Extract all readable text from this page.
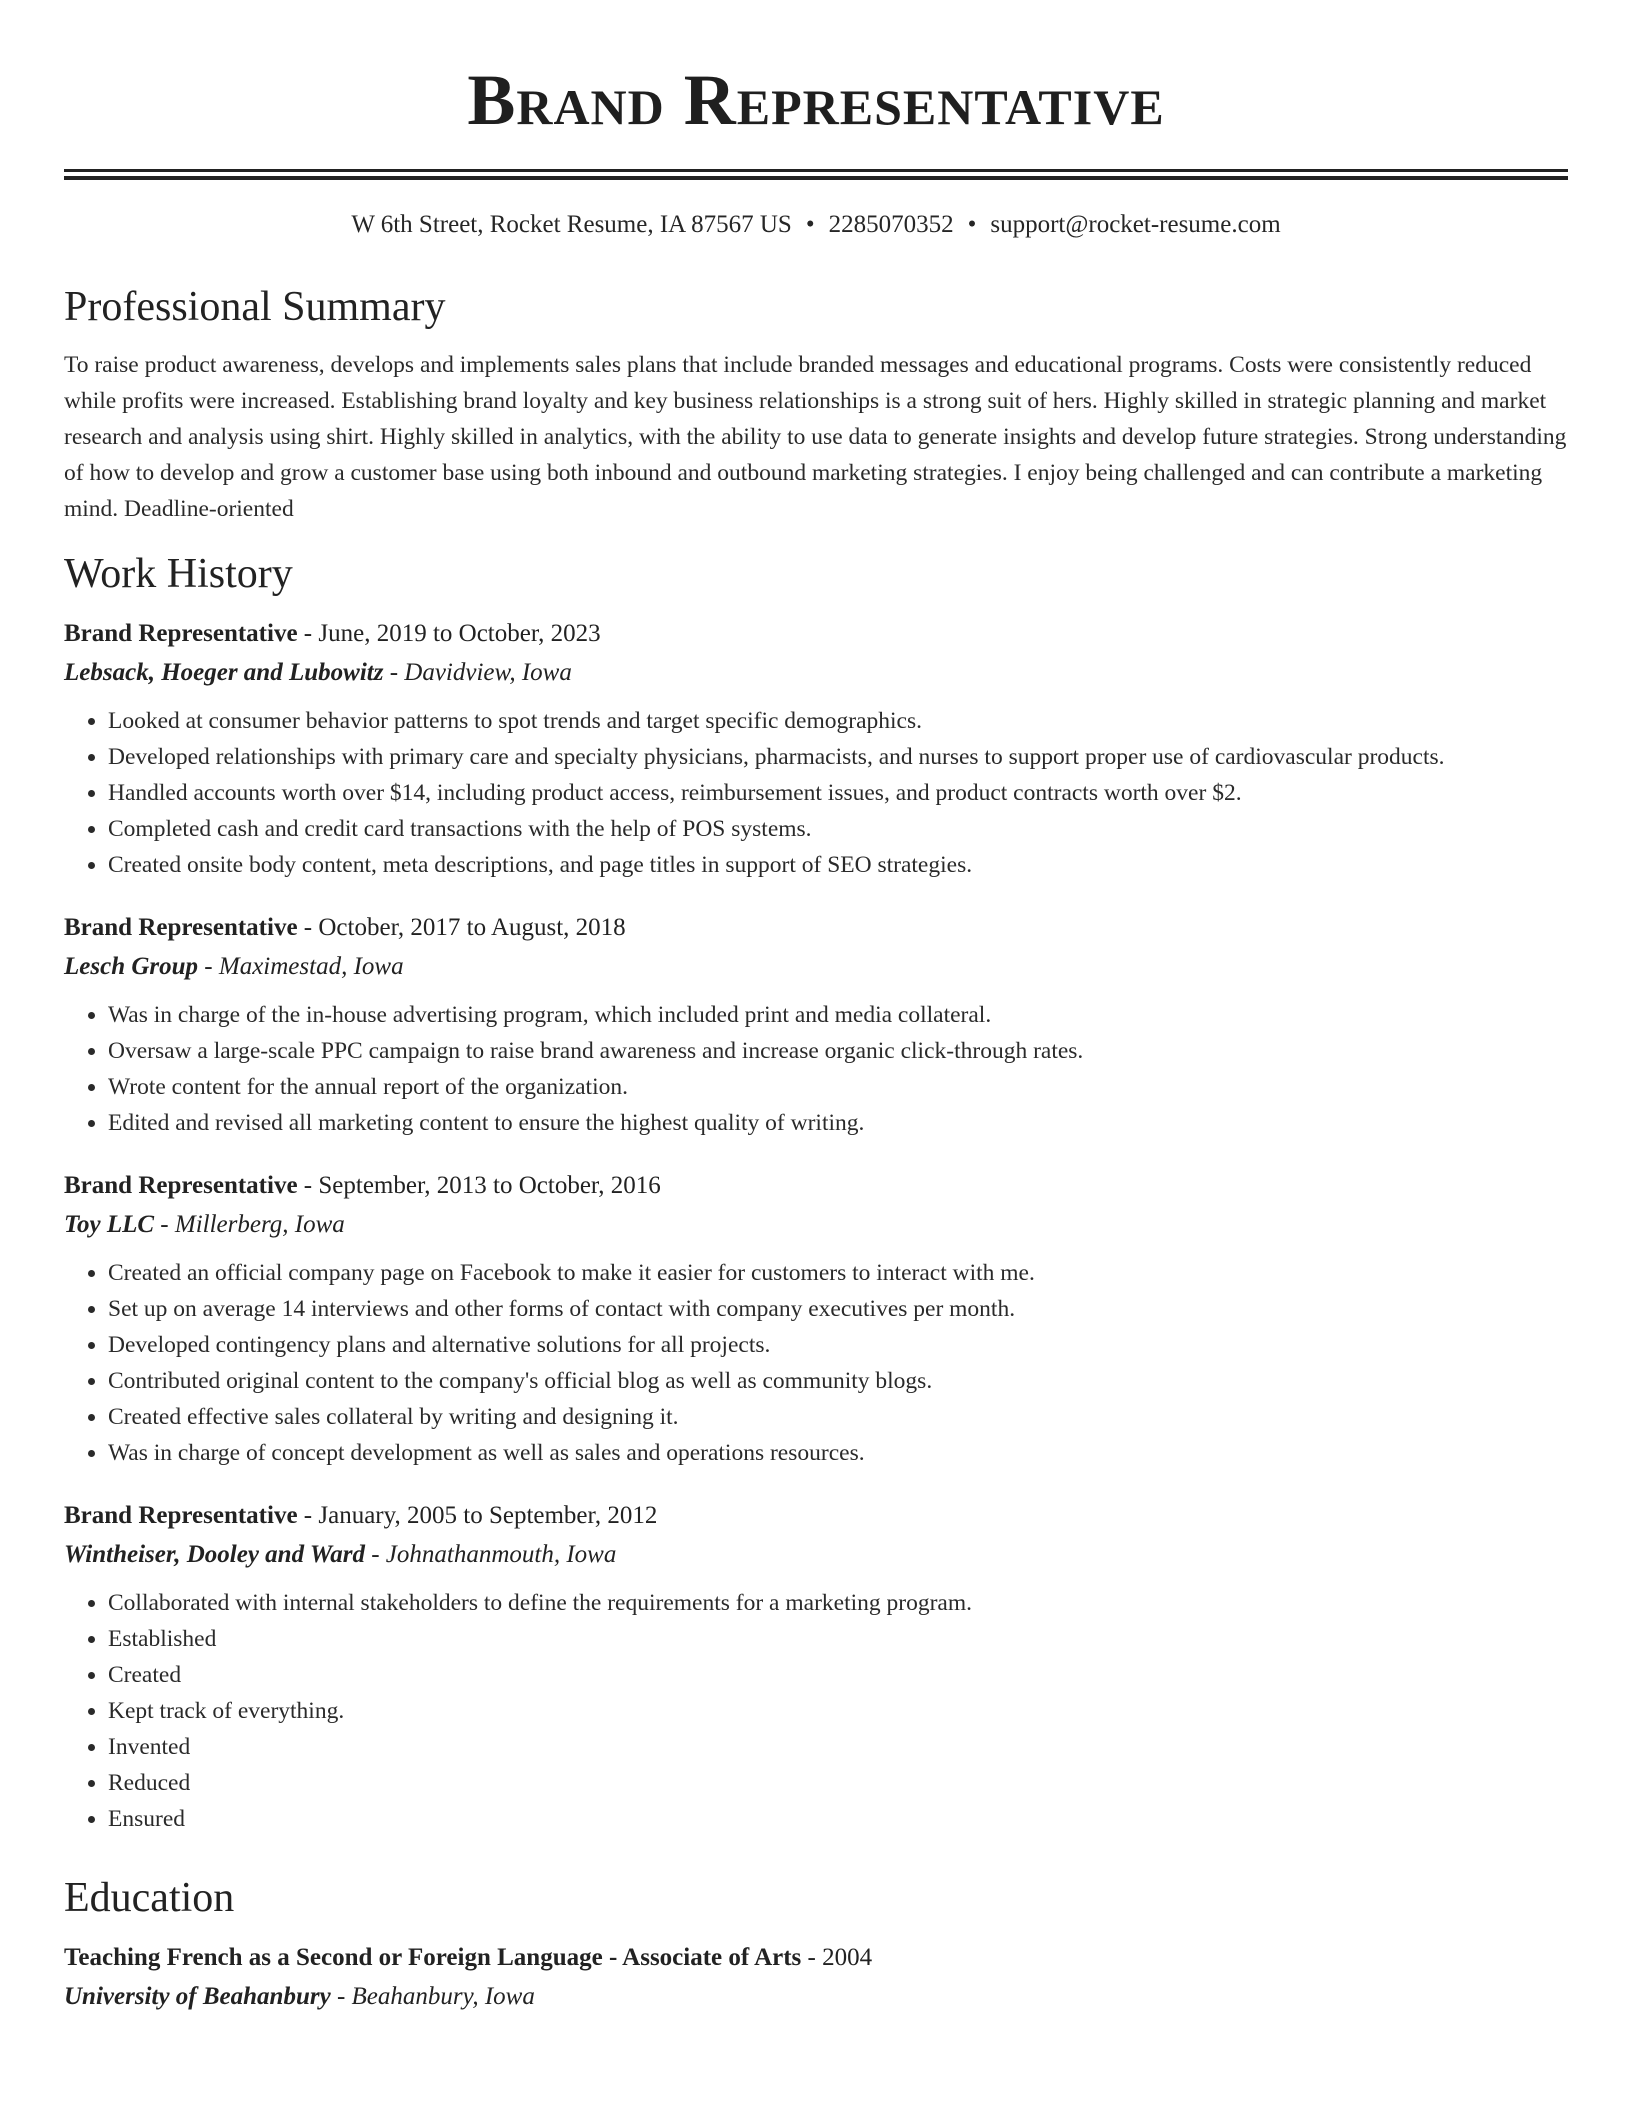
Brand Representative
W 6th Street, Rocket Resume, IA 87567 US • 2285070352 • support@rocket-resume.com
Professional Summary

To raise product awareness, develops and implements sales plans that include branded messages and educational programs. Costs were consistently reduced while profits were increased. Establishing brand loyalty and key business relationships is a strong suit of hers. Highly skilled in strategic planning and market research and analysis using shirt. Highly skilled in analytics, with the ability to use data to generate insights and develop future strategies. Strong understanding of how to develop and grow a customer base using both inbound and outbound marketing strategies. I enjoy being challenged and can contribute a marketing mind. Deadline-oriented

Work History
Brand Representative - June, 2019 to October, 2023
Lebsack, Hoeger and Lubowitz - Davidview, Iowa
• Looked at consumer behavior patterns to spot trends and target specific demographics.
• Developed relationships with primary care and specialty physicians, pharmacists, and nurses to support proper use of cardiovascular products.
• Handled accounts worth over $14, including product access, reimbursement issues, and product contracts worth over $2.
• Completed cash and credit card transactions with the help of POS systems.
• Created onsite body content, meta descriptions, and page titles in support of SEO strategies.
Brand Representative - October, 2017 to August, 2018
Lesch Group - Maximestad, Iowa
• Was in charge of the in-house advertising program, which included print and media collateral.
• Oversaw a large-scale PPC campaign to raise brand awareness and increase organic click-through rates.
• Wrote content for the annual report of the organization.
• Edited and revised all marketing content to ensure the highest quality of writing.
Brand Representative - September, 2013 to October, 2016
Toy LLC - Millerberg, Iowa
• Created an official company page on Facebook to make it easier for customers to interact with me.
• Set up on average 14 interviews and other forms of contact with company executives per month.
• Developed contingency plans and alternative solutions for all projects.
• Contributed original content to the company's official blog as well as community blogs.
• Created effective sales collateral by writing and designing it.
• Was in charge of concept development as well as sales and operations resources.
Brand Representative - January, 2005 to September, 2012
Wintheiser, Dooley and Ward - Johnathanmouth, Iowa
• Collaborated with internal stakeholders to define the requirements for a marketing program.
• Established
• Created
• Kept track of everything.
• Invented
• Reduced
• Ensured
Education
Teaching French as a Second or Foreign Language - Associate of Arts - 2004
University of Beahanbury - Beahanbury, Iowa
